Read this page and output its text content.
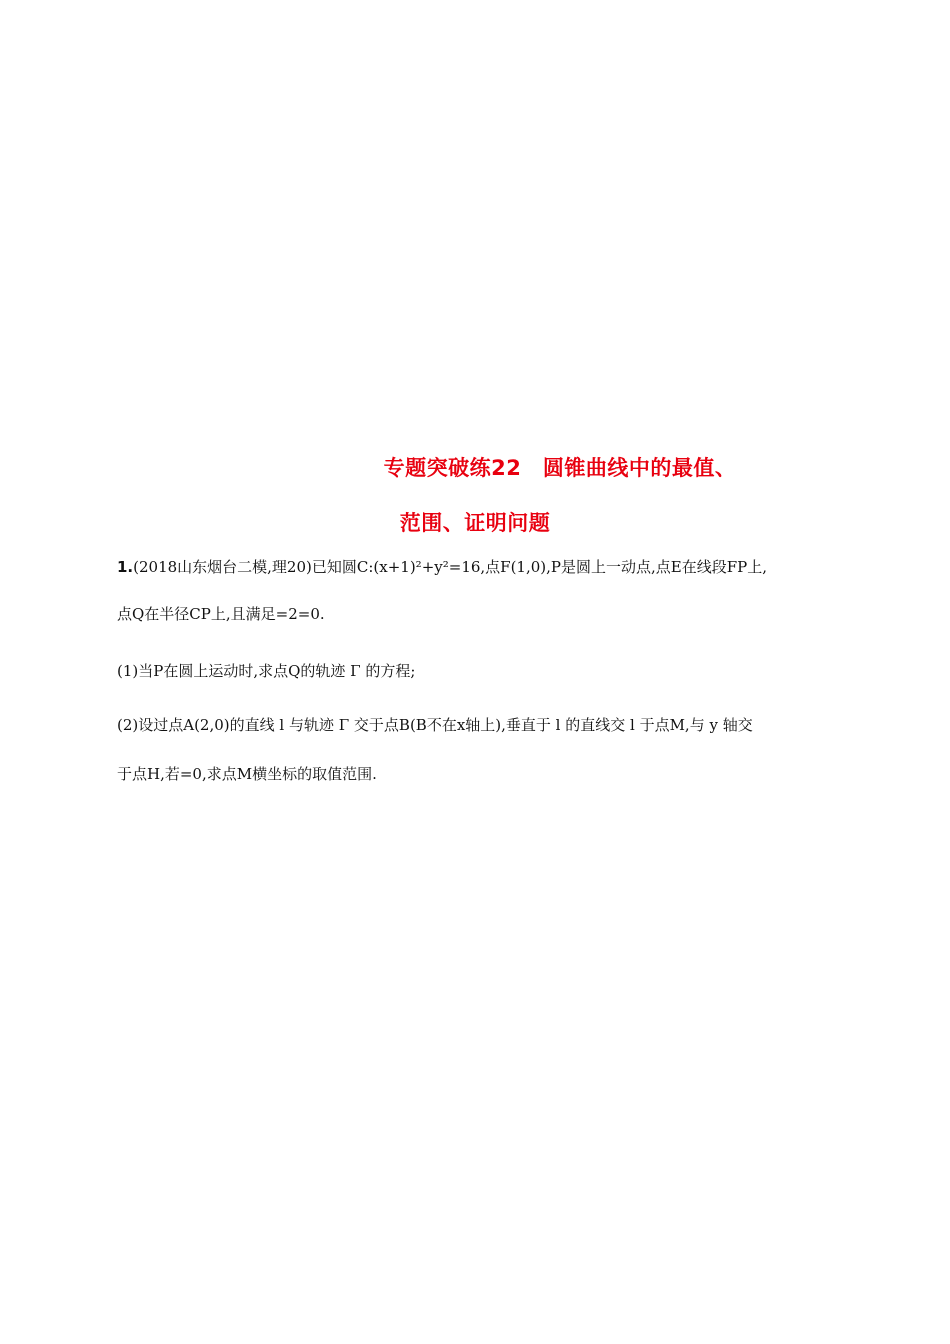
专题突破练22　圆锥曲线中的最值、
范围、证明问题
1.(2018山东烟台二模,理20)已知圆C:(x+1)²+y²=16,点F(1,0),P是圆上一动点,点E在线段FP上,
点Q在半径CP上,且满足=2=0.
(1)当P在圆上运动时,求点Q的轨迹 Γ 的方程;
(2)设过点A(2,0)的直线 l 与轨迹 Γ 交于点B(B不在x轴上),垂直于 l 的直线交 l 于点M,与 y 轴交
于点H,若=0,求点M横坐标的取值范围.
